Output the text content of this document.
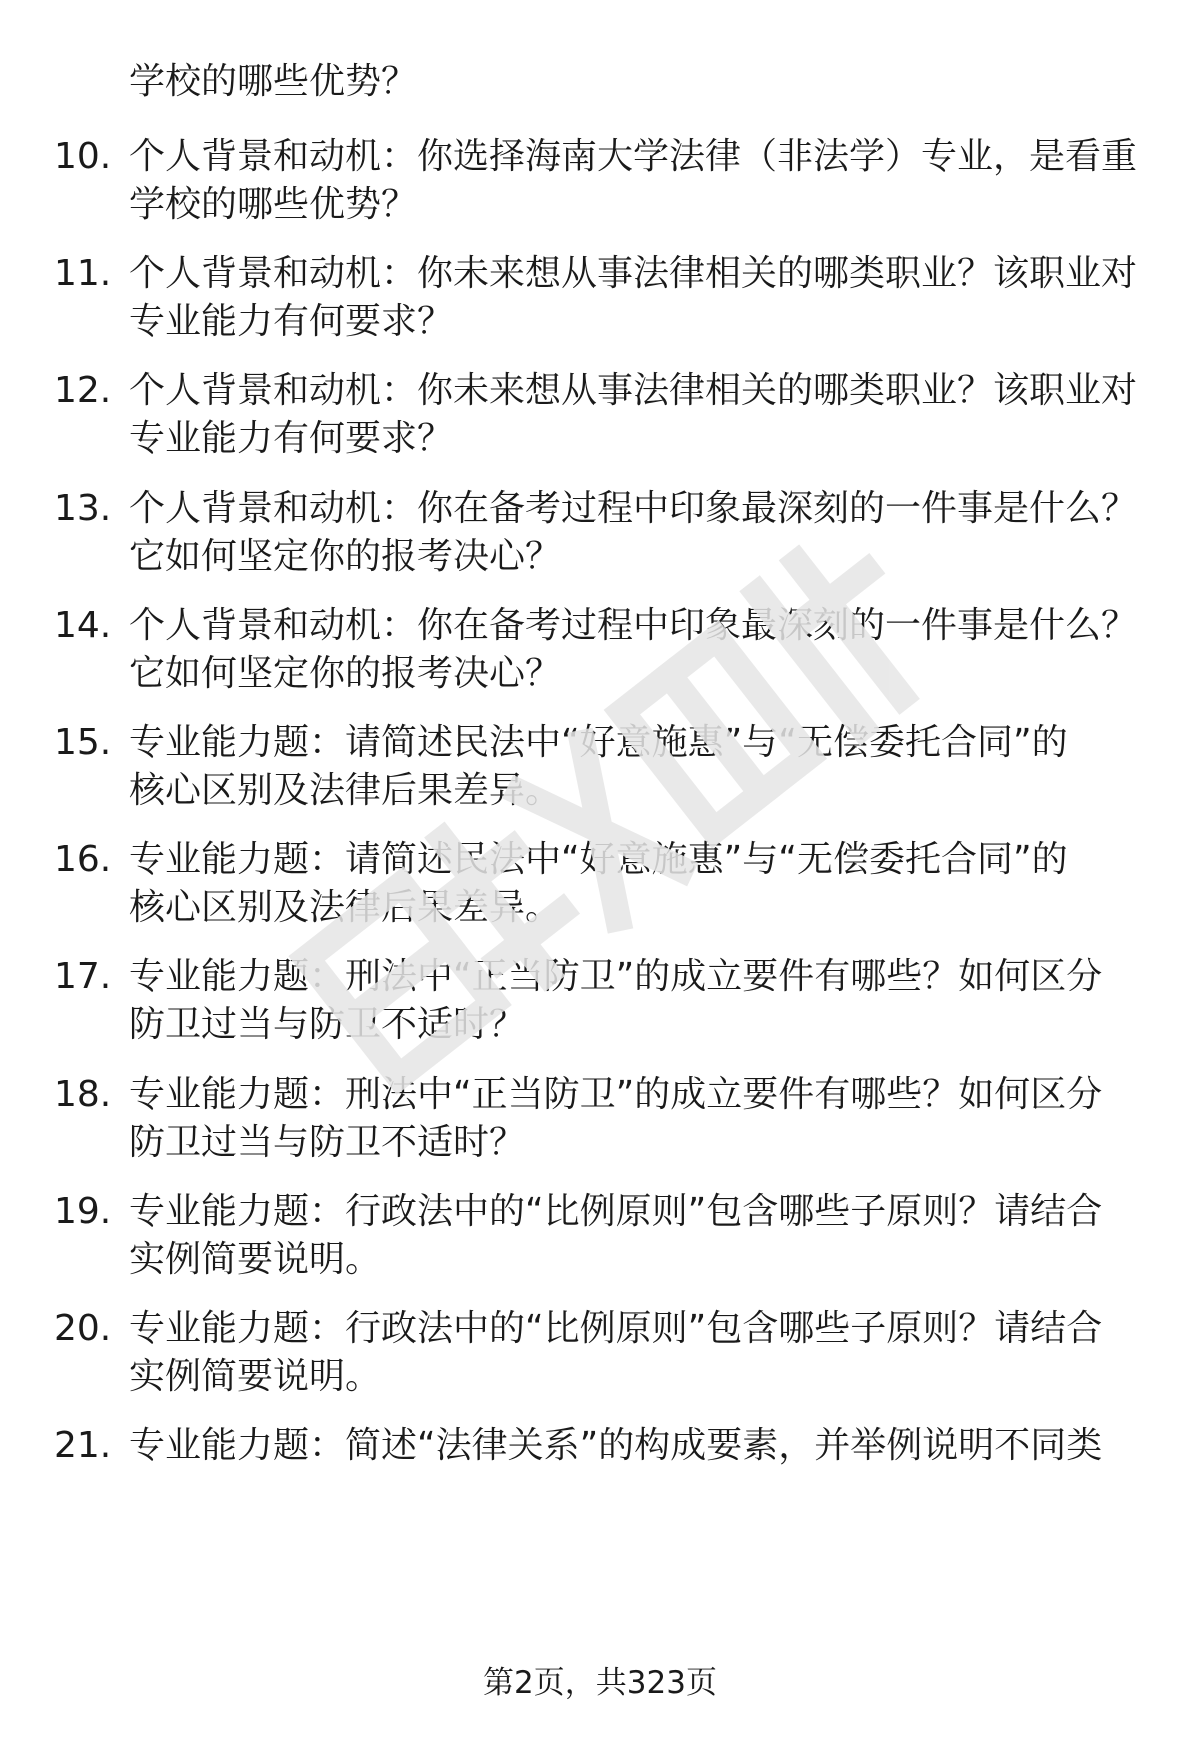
学校的哪些优势？
10. 个人背景和动机：你选择海南大学法律（非法学）专业，是看重
学校的哪些优势？
11. 个人背景和动机：你未来想从事法律相关的哪类职业？该职业对
专业能力有何要求？
12. 个人背景和动机：你未来想从事法律相关的哪类职业？该职业对
专业能力有何要求？
13. 个人背景和动机：你在备考过程中印象最深刻的一件事是什么？
它如何坚定你的报考决心？
14. 个人背景和动机：你在备考过程中印象最深刻的一件事是什么？
它如何坚定你的报考决心？
15. 专业能力题：请简述民法中“好意施惠”与“无偿委托合同”的
核心区别及法律后果差异。
16. 专业能力题：请简述民法中“好意施惠”与“无偿委托合同”的
核心区别及法律后果差异。
17. 专业能力题：刑法中“正当防卫”的成立要件有哪些？如何区分
防卫过当与防卫不适时？
18. 专业能力题：刑法中“正当防卫”的成立要件有哪些？如何区分
防卫过当与防卫不适时？
19. 专业能力题：行政法中的“比例原则”包含哪些子原则？请结合
实例简要说明。
20. 专业能力题：行政法中的“比例原则”包含哪些子原则？请结合
实例简要说明。
21. 专业能力题：简述“法律关系”的构成要素，并举例说明不同类
第2页，共323页
